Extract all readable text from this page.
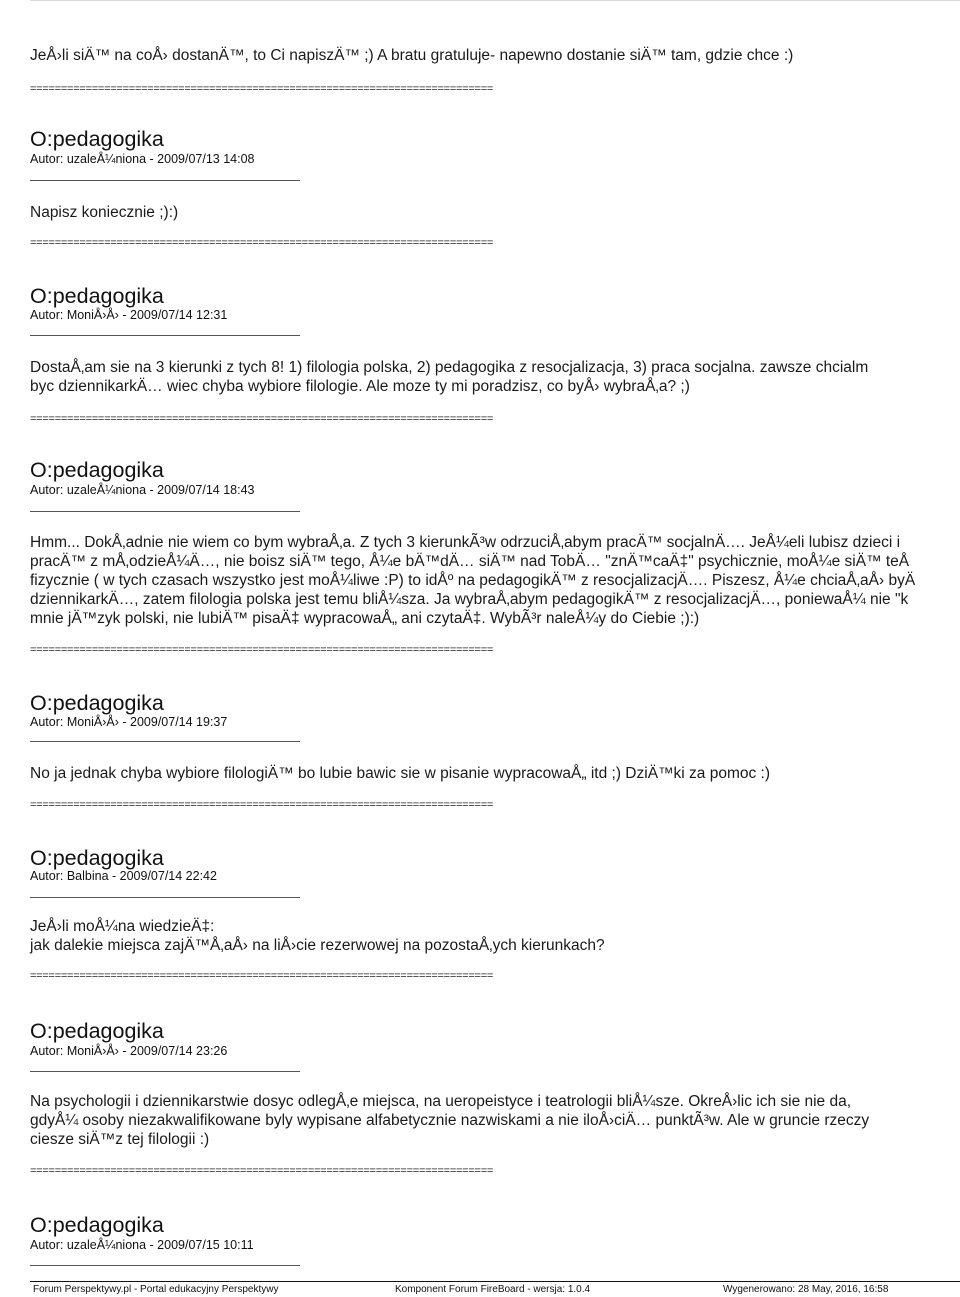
JeÅ›li siÄ™ na coÅ› dostanÄ™, to Ci napiszÄ™ ;) A bratu gratuluje- napewno dostanie siÄ™ tam, gdzie chce :)
===========================================================================
O:pedagogika
Autor: uzaleÅ¼niona - 2009/07/13 14:08
Napisz koniecznie ;):)
===========================================================================
O:pedagogika
Autor: MoniÅ›Å› - 2009/07/14 12:31
DostaÅ‚am sie na 3 kierunki z tych 8! 1) filologia polska, 2) pedagogika z resocjalizacja, 3) praca socjalna. zawsze chcialm
byc dziennikarkÄ… wiec chyba wybiore filologie. Ale moze ty mi poradzisz, co byÅ› wybraÅ‚a? ;)
===========================================================================
O:pedagogika
Autor: uzaleÅ¼niona - 2009/07/14 18:43
Hmm... DokÅ‚adnie nie wiem co bym wybraÅ‚a. Z tych 3 kierunkÃ³w odrzuciÅ‚abym pracÄ™ socjalnÄ…. JeÅ¼eli lubisz dzieci i
pracÄ™ z mÅ‚odzieÅ¼Ä…, nie boisz siÄ™ tego, Å¼e bÄ™dÄ… siÄ™ nad TobÄ… "znÄ™caÄ‡" psychicznie, moÅ¼e siÄ™ teÅ
fizycznie ( w tych czasach wszystko jest moÅ¼liwe :P) to idÅº na pedagogikÄ™ z resocjalizacjÄ…. Piszesz, Å¼e chciaÅ‚aÅ› byÄ
dziennikarkÄ…, zatem filologia polska jest temu bliÅ¼sza. Ja wybraÅ‚abym pedagogikÄ™ z resocjalizacjÄ…, poniewaÅ¼ nie "k
mnie jÄ™zyk polski, nie lubiÄ™ pisaÄ‡ wypracowaÅ„ ani czytaÄ‡. WybÃ³r naleÅ¼y do Ciebie ;):)
===========================================================================
O:pedagogika
Autor: MoniÅ›Å› - 2009/07/14 19:37
No ja jednak chyba wybiore filologiÄ™ bo lubie bawic sie w pisanie wypracowaÅ„ itd ;) DziÄ™ki za pomoc :)
===========================================================================
O:pedagogika
Autor: Balbina - 2009/07/14 22:42
JeÅ›li moÅ¼na wiedzieÄ‡:
jak dalekie miejsca zajÄ™Å‚aÅ› na liÅ›cie rezerwowej na pozostaÅ‚ych kierunkach?
===========================================================================
O:pedagogika
Autor: MoniÅ›Å› - 2009/07/14 23:26
Na psychologii i dziennikarstwie dosyc odlegÅ‚e miejsca, na ueropeistyce i teatrologii bliÅ¼sze. OkreÅ›lic ich sie nie da,
gdyÅ¼ osoby niezakwalifikowane byly wypisane alfabetycznie nazwiskami a nie iloÅ›ciÄ… punktÃ³w. Ale w gruncie rzeczy
ciesze siÄ™z tej filologii :)
===========================================================================
O:pedagogika
Autor: uzaleÅ¼niona - 2009/07/15 10:11
Forum Perspektywy.pl - Portal edukacyjny Perspektywy	Komponent Forum FireBoard - wersja: 1.0.4	Wygenerowano: 28 May, 2016, 16:58
